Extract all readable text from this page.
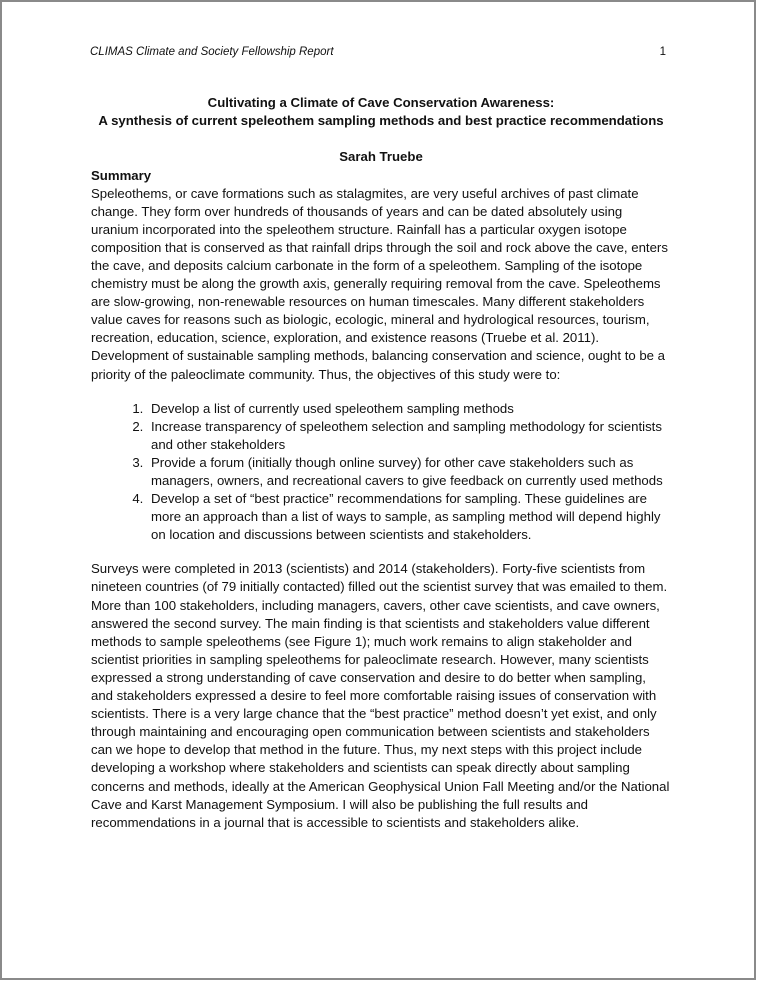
CLIMAS Climate and Society Fellowship Report	1
Cultivating a Climate of Cave Conservation Awareness:
A synthesis of current speleothem sampling methods and best practice recommendations
Sarah Truebe
Summary

Speleothems, or cave formations such as stalagmites, are very useful archives of past climate change. They form over hundreds of thousands of years and can be dated absolutely using uranium incorporated into the speleothem structure. Rainfall has a particular oxygen isotope composition that is conserved as that rainfall drips through the soil and rock above the cave, enters the cave, and deposits calcium carbonate in the form of a speleothem. Sampling of the isotope chemistry must be along the growth axis, generally requiring removal from the cave. Speleothems are slow-growing, non-renewable resources on human timescales. Many different stakeholders value caves for reasons such as biologic, ecologic, mineral and hydrological resources, tourism, recreation, education, science, exploration, and existence reasons (Truebe et al. 2011). Development of sustainable sampling methods, balancing conservation and science, ought to be a priority of the paleoclimate community. Thus, the objectives of this study were to:

1. Develop a list of currently used speleothem sampling methods
2. Increase transparency of speleothem selection and sampling methodology for scientists and other stakeholders
3. Provide a forum (initially though online survey) for other cave stakeholders such as managers, owners, and recreational cavers to give feedback on currently used methods
4. Develop a set of “best practice” recommendations for sampling. These guidelines are more an approach than a list of ways to sample, as sampling method will depend highly on location and discussions between scientists and stakeholders.

Surveys were completed in 2013 (scientists) and 2014 (stakeholders). Forty-five scientists from nineteen countries (of 79 initially contacted) filled out the scientist survey that was emailed to them. More than 100 stakeholders, including managers, cavers, other cave scientists, and cave owners, answered the second survey. The main finding is that scientists and stakeholders value different methods to sample speleothems (see Figure 1); much work remains to align stakeholder and scientist priorities in sampling speleothems for paleoclimate research. However, many scientists expressed a strong understanding of cave conservation and desire to do better when sampling, and stakeholders expressed a desire to feel more comfortable raising issues of conservation with scientists. There is a very large chance that the “best practice” method doesn’t yet exist, and only through maintaining and encouraging open communication between scientists and stakeholders can we hope to develop that method in the future. Thus, my next steps with this project include developing a workshop where stakeholders and scientists can speak directly about sampling concerns and methods, ideally at the American Geophysical Union Fall Meeting and/or the National Cave and Karst Management Symposium. I will also be publishing the full results and recommendations in a journal that is accessible to scientists and stakeholders alike.
